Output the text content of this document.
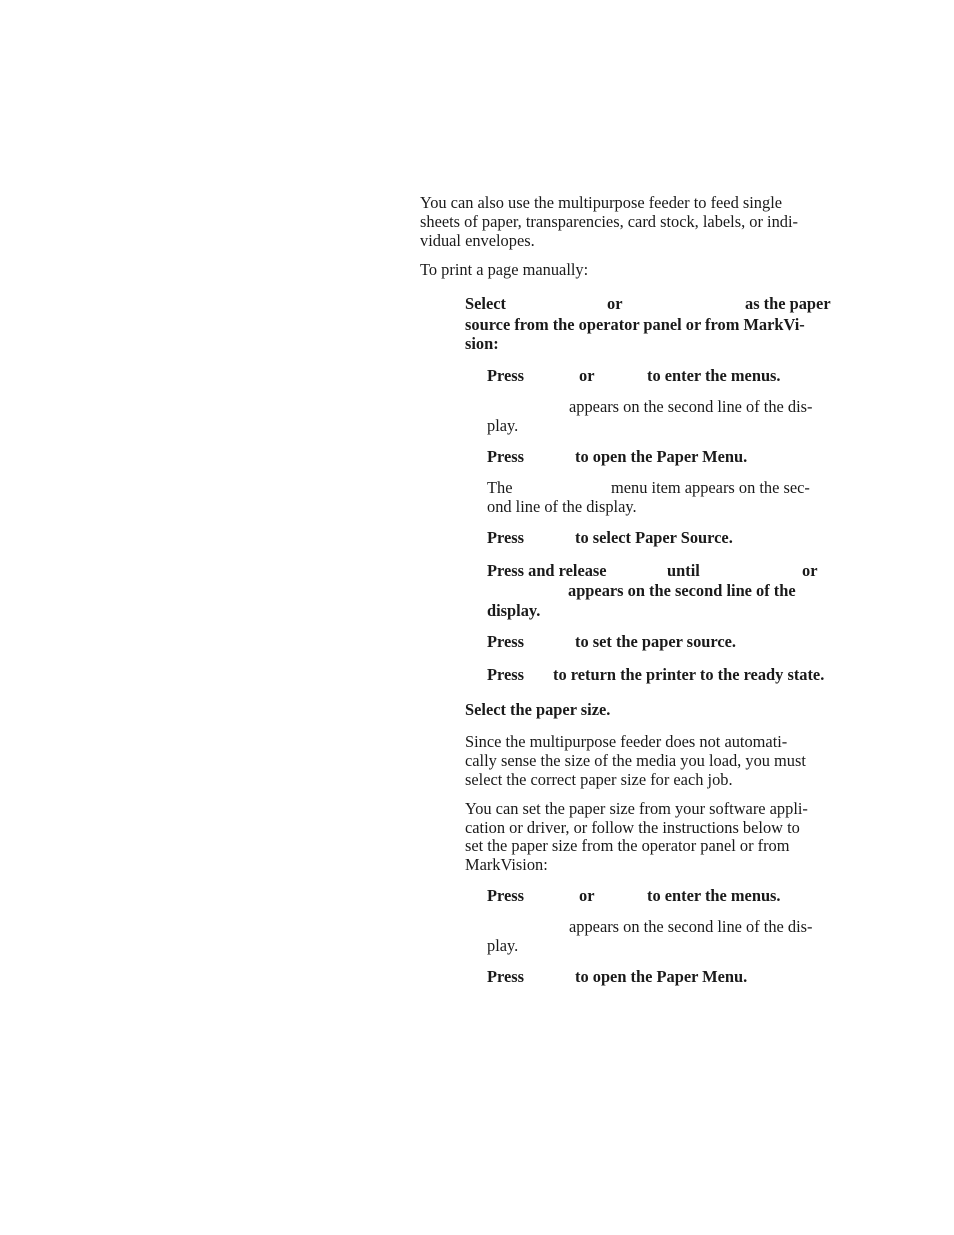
You can also use the multipurpose feeder to feed single
sheets of paper, transparencies, card stock, labels, or indi-
vidual envelopes.
To print a page manually:
Select	or	as the paper
source from the operator panel or from MarkVi-
sion:
Press	or	to enter the menus.
appears on the second line of the dis-
play.
Press	to open the Paper Menu.
The	menu item appears on the sec-
ond line of the display.
Press	to select Paper Source.
Press and release	until	or
appears on the second line of the
display.
Press	to set the paper source.
Press to return the printer to the ready state.
Select the paper size.
Since the multipurpose feeder does not automati-
cally sense the size of the media you load, you must
select the correct paper size for each job.
You can set the paper size from your software appli-
cation or driver, or follow the instructions below to
set the paper size from the operator panel or from
MarkVision:
Press	or	to enter the menus.
appears on the second line of the dis-
play.
Press	to open the Paper Menu.
